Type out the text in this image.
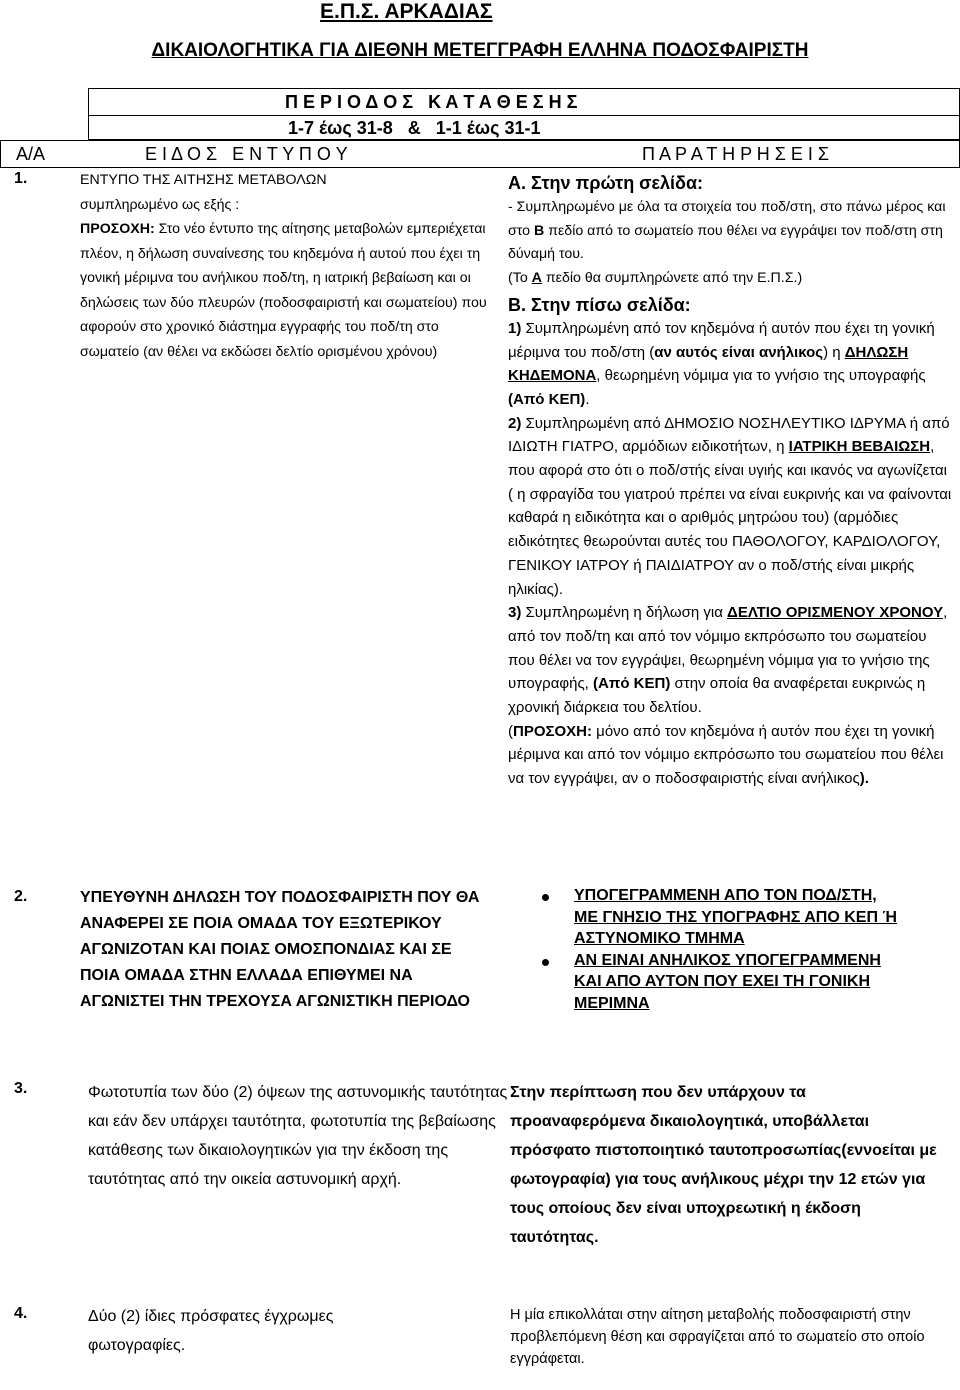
Ε.Π.Σ. ΑΡΚΑΔΙΑΣ
ΔΙΚΑΙΟΛΟΓΗΤΙΚΑ ΓΙΑ ΔΙΕΘΝΗ ΜΕΤΕΓΓΡΑΦΗ ΕΛΛΗΝΑ ΠΟΔΟΣΦΑΙΡΙΣΤΗ
Π Ε Ρ Ι Ο Δ Ο Σ   Κ Α Τ Α Θ Ε Σ Η Σ
1-7 έως 31-8   &   1-1 έως 31-1
Α/Α	Ε Ι Δ Ο Σ   Ε Ν Τ Υ Π Ο Υ	Π Α Ρ Α Τ Η Ρ Η Σ Ε Ι Σ
1.	ΕΝΤΥΠΟ ΤΗΣ ΑΙΤΗΣΗΣ ΜΕΤΑΒΟΛΩΝ
συμπληρωμένο ως εξής :
ΠΡΟΣΟΧΗ: Στο νέο έντυπο της αίτησης μεταβολών εμπεριέχεται πλέον, η δήλωση συναίνεσης του κηδεμόνα ή αυτού που έχει τη γονική μέριμνα του ανήλικου ποδ/τη, η ιατρική βεβαίωση και οι δηλώσεις των δύο πλευρών (ποδοσφαιριστή και σωματείου) που αφορούν στο χρονικό διάστημα εγγραφής του ποδ/τη στο σωματείο (αν θέλει να εκδώσει δελτίο ορισμένου χρόνου)
Α. Στην πρώτη σελίδα:
- Συμπληρωμένο με όλα τα στοιχεία του ποδ/στη, στο πάνω μέρος και στο Β πεδίο από το σωματείο που θέλει να εγγράψει τον ποδ/στη στη δύναμή του.
(Το Α πεδίο θα συμπληρώνετε από την Ε.Π.Σ.)
Β. Στην πίσω σελίδα:
1) Συμπληρωμένη από τον κηδεμόνα ή αυτόν που έχει τη γονική μέριμνα του ποδ/στη (αν αυτός είναι ανήλικος) η ΔΗΛΩΣΗ ΚΗΔΕΜΟΝΑ, θεωρημένη νόμιμα για το γνήσιο της υπογραφής (Από ΚΕΠ).
2) Συμπληρωμένη από ΔΗΜΟΣΙΟ ΝΟΣΗΛΕΥΤΙΚΟ ΙΔΡΥΜΑ ή από ΙΔΙΩΤΗ ΓΙΑΤΡΟ, αρμόδιων ειδικοτήτων, η ΙΑΤΡΙΚΗ ΒΕΒΑΙΩΣΗ, που αφορά στο ότι ο ποδ/στής είναι υγιής και ικανός να αγωνίζεται ( η σφραγίδα του γιατρού πρέπει να είναι ευκρινής και να φαίνονται καθαρά η ειδικότητα και ο αριθμός μητρώου του) (αρμόδιες ειδικότητες θεωρούνται αυτές του ΠΑΘΟΛΟΓΟΥ, ΚΑΡΔΙΟΛΟΓΟΥ, ΓΕΝΙΚΟΥ ΙΑΤΡΟΥ ή ΠΑΙΔΙΑΤΡΟΥ αν ο ποδ/στής είναι μικρής ηλικίας).
3) Συμπληρωμένη η δήλωση για ΔΕΛΤΙΟ ΟΡΙΣΜΕΝΟΥ ΧΡΟΝΟΥ, από τον ποδ/τη και από τον νόμιμο εκπρόσωπο του σωματείου που θέλει να τον εγγράψει, θεωρημένη νόμιμα για το γνήσιο της υπογραφής, (Από ΚΕΠ) στην οποία θα αναφέρεται ευκρινώς η χρονική διάρκεια του δελτίου.
(ΠΡΟΣΟΧΗ: μόνο από τον κηδεμόνα ή αυτόν που έχει τη γονική μέριμνα και από τον νόμιμο εκπρόσωπο του σωματείου που θέλει να τον εγγράψει, αν ο ποδοσφαιριστής είναι ανήλικος).
2.	ΥΠΕΥΘΥΝΗ ΔΗΛΩΣΗ ΤΟΥ ΠΟΔΟΣΦΑΙΡΙΣΤΗ ΠΟΥ ΘΑ ΑΝΑΦΕΡΕΙ ΣΕ ΠΟΙΑ ΟΜΑΔΑ ΤΟΥ ΕΞΩΤΕΡΙΚΟΥ ΑΓΩΝΙΖΟΤΑΝ ΚΑΙ ΠΟΙΑΣ ΟΜΟΣΠΟΝΔΙΑΣ ΚΑΙ ΣΕ ΠΟΙΑ ΟΜΑΔΑ ΣΤΗΝ ΕΛΛΑΔΑ ΕΠΙΘΥΜΕΙ ΝΑ ΑΓΩΝΙΣΤΕΙ ΤΗΝ ΤΡΕΧΟΥΣΑ ΑΓΩΝΙΣΤΙΚΗ ΠΕΡΙΟΔΟ
ΥΠΟΓΕΓΡΑΜΜΕΝΗ ΑΠΟ ΤΟΝ ΠΟΔ/ΣΤΗ, ΜΕ ΓΝΗΣΙΟ ΤΗΣ ΥΠΟΓΡΑΦΗΣ ΑΠΟ ΚΕΠ Ή ΑΣΤΥΝΟΜΙΚΟ ΤΜΗΜΑ
ΑΝ ΕΙΝΑΙ ΑΝΗΛΙΚΟΣ ΥΠΟΓΕΓΡΑΜΜΕΝΗ ΚΑΙ ΑΠΟ ΑΥΤΟΝ ΠΟΥ ΕΧΕΙ ΤΗ ΓΟΝΙΚΗ ΜΕΡΙΜΝΑ
3.	Φωτοτυπία των δύο (2) όψεων της αστυνομικής ταυτότητας και εάν δεν υπάρχει ταυτότητα, φωτοτυπία της βεβαίωσης κατάθεσης των δικαιολογητικών για την έκδοση της ταυτότητας από την οικεία αστυνομική αρχή.
Στην περίπτωση που δεν υπάρχουν τα προαναφερόμενα δικαιολογητικά, υποβάλλεται πρόσφατο πιστοποιητικό ταυτοπροσωπίας(εννοείται με φωτογραφία) για τους ανήλικους μέχρι την 12 ετών για τους οποίους δεν είναι υποχρεωτική η έκδοση ταυτότητας.
4.	Δύο (2) ίδιες πρόσφατες έγχρωμες φωτογραφίες.
Η μία επικολλάται στην αίτηση μεταβολής ποδοσφαιριστή στην προβλεπόμενη θέση και σφραγίζεται από το σωματείο στο οποίο εγγράφεται.
